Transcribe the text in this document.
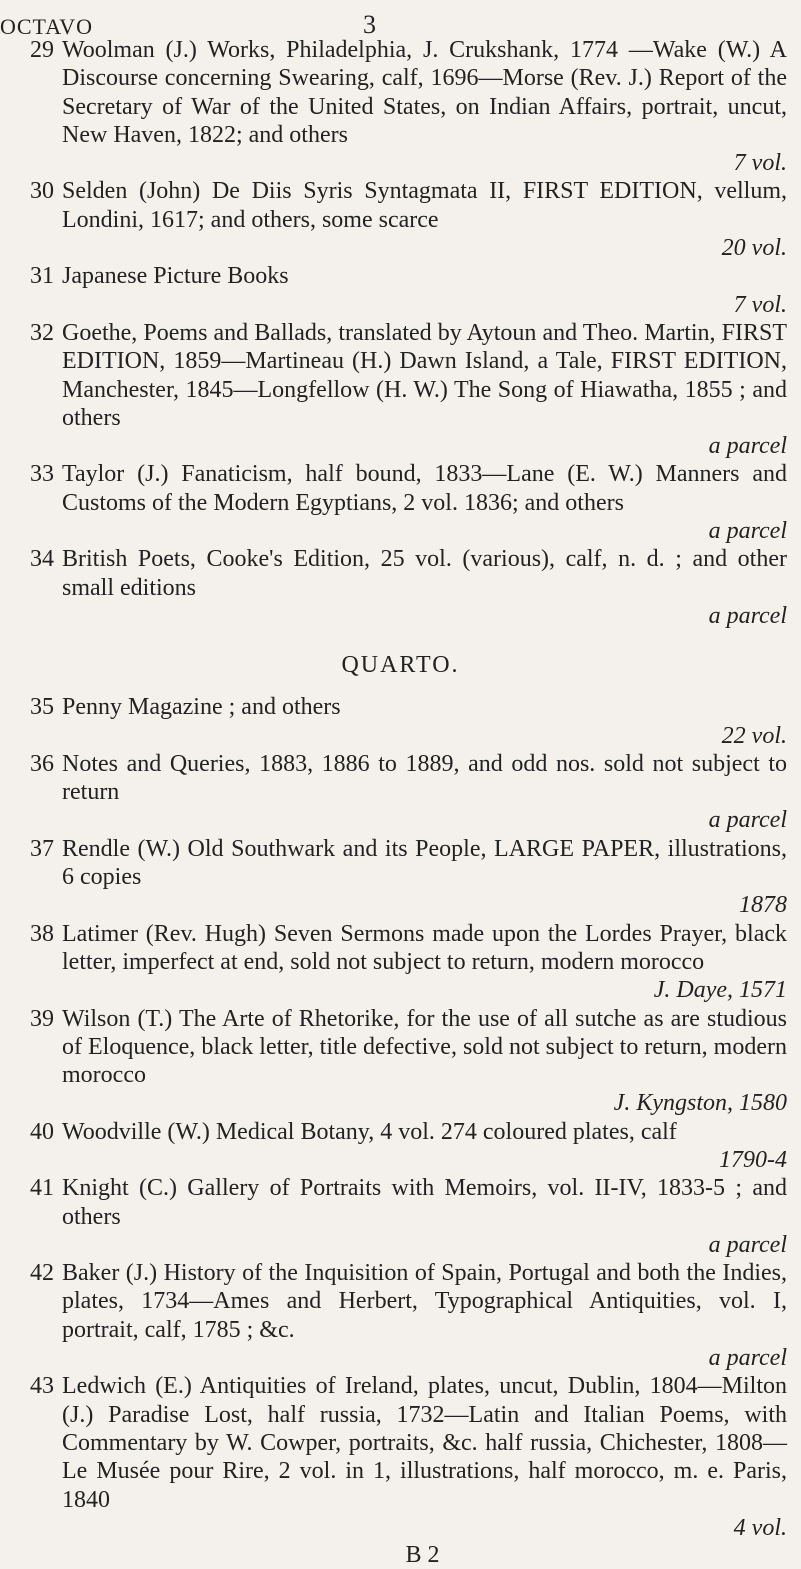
OCTAVO	3
29 Woolman (J.) Works, Philadelphia, J. Crukshank, 1774 —Wake (W.) A Discourse concerning Swearing, calf, 1696—Morse (Rev. J.) Report of the Secretary of War of the United States, on Indian Affairs, portrait, uncut, New Haven, 1822; and others
7 vol.
30 Selden (John) De Diis Syris Syntagmata II, FIRST EDITION, vellum, Londini, 1617; and others, some scarce
20 vol.
31 Japanese Picture Books
7 vol.
32 Goethe, Poems and Ballads, translated by Aytoun and Theo. Martin, FIRST EDITION, 1859—Martineau (H.) Dawn Island, a Tale, FIRST EDITION, Manchester, 1845—Longfellow (H. W.) The Song of Hiawatha, 1855 ; and others
a parcel
33 Taylor (J.) Fanaticism, half bound, 1833—Lane (E. W.) Manners and Customs of the Modern Egyptians, 2 vol. 1836; and others
a parcel
34 British Poets, Cooke's Edition, 25 vol. (various), calf, n. d. ; and other small editions
a parcel
QUARTO.
35 Penny Magazine ; and others
22 vol.
36 Notes and Queries, 1883, 1886 to 1889, and odd nos. sold not subject to return
a parcel
37 Rendle (W.) Old Southwark and its People, LARGE PAPER, illustrations, 6 copies
1878
38 Latimer (Rev. Hugh) Seven Sermons made upon the Lordes Prayer, black letter, imperfect at end, sold not subject to return, modern morocco
J. Daye, 1571
39 Wilson (T.) The Arte of Rhetorike, for the use of all sutche as are studious of Eloquence, black letter, title defective, sold not subject to return, modern morocco
J. Kyngston, 1580
40 Woodville (W.) Medical Botany, 4 vol. 274 coloured plates, calf
1790-4
41 Knight (C.) Gallery of Portraits with Memoirs, vol. II-IV, 1833-5 ; and others
a parcel
42 Baker (J.) History of the Inquisition of Spain, Portugal and both the Indies, plates, 1734—Ames and Herbert, Typographical Antiquities, vol. I, portrait, calf, 1785 ; &c.
a parcel
43 Ledwich (E.) Antiquities of Ireland, plates, uncut, Dublin, 1804—Milton (J.) Paradise Lost, half russia, 1732—Latin and Italian Poems, with Commentary by W. Cowper, portraits, &c. half russia, Chichester, 1808—Le Musée pour Rire, 2 vol. in 1, illustrations, half morocco, m. e. Paris, 1840
4 vol.
B 2
